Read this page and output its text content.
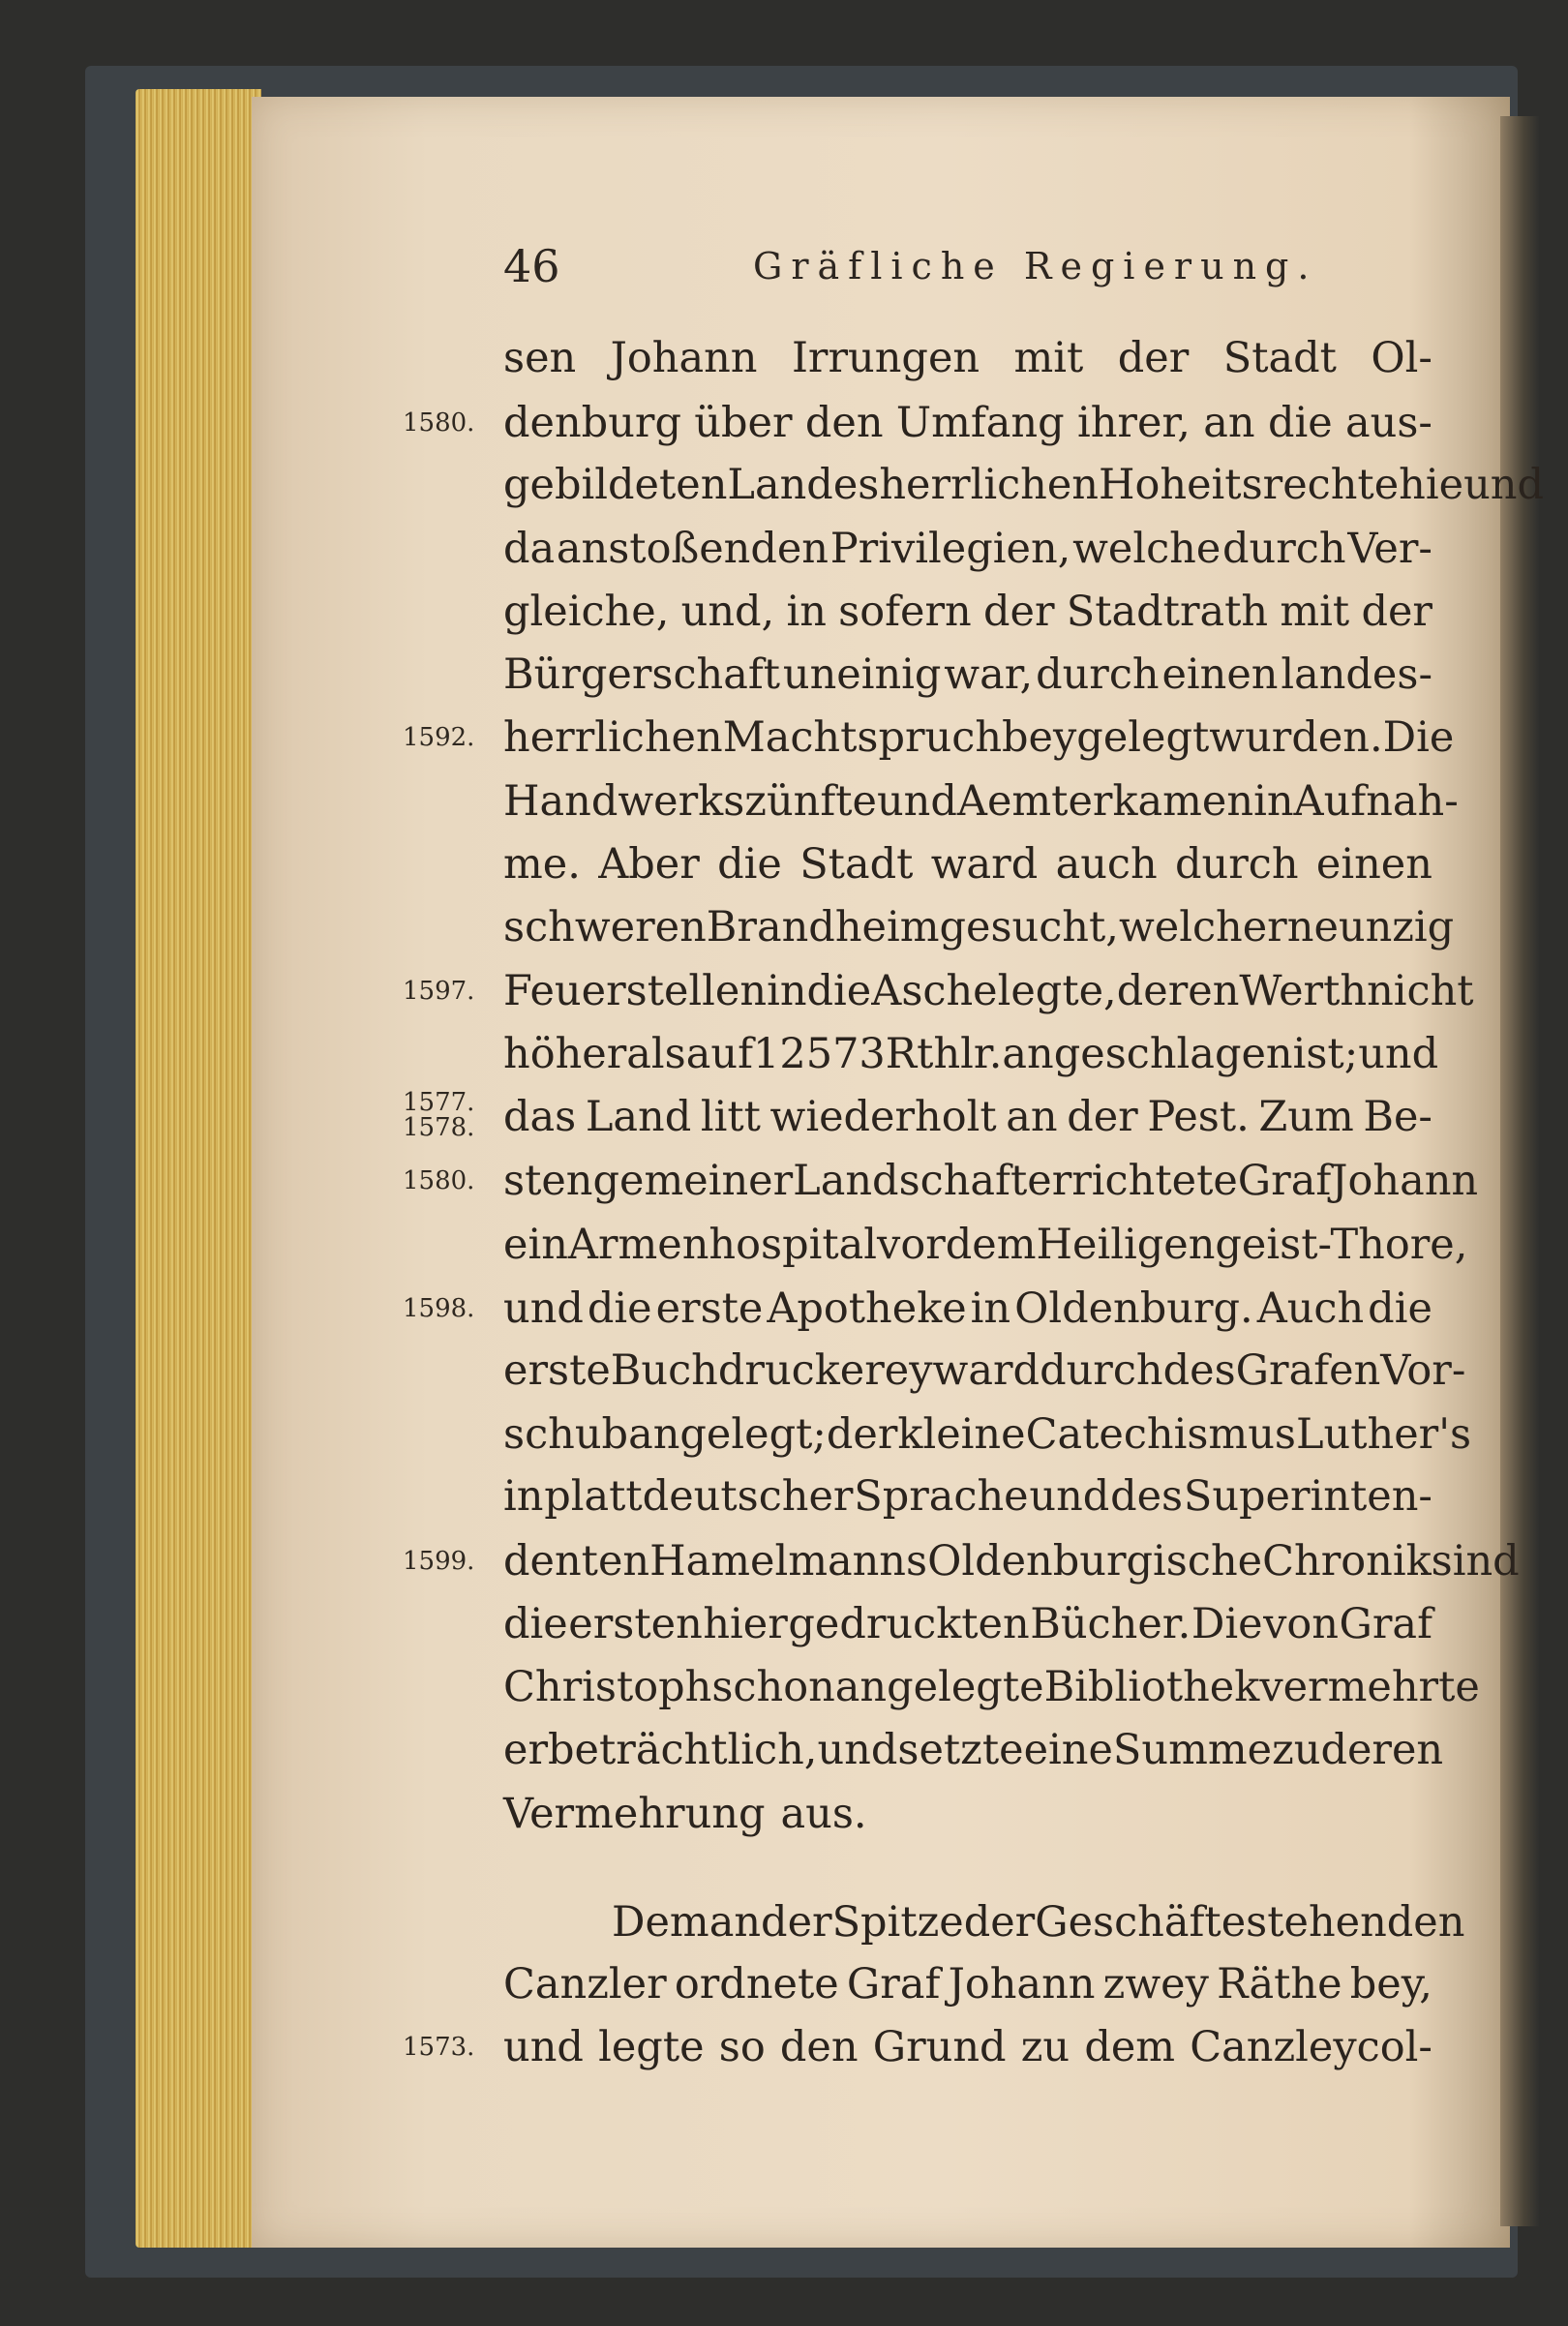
46	Gräfliche Regierung.
sen Johann Irrungen mit der Stadt Ol-
denburg über den Umfang ihrer, an die aus-
1580.
gebildeten Landesherrlichen Hoheitsrechte hie und
da anstoßenden Privilegien, welche durch Ver-
gleiche, und, in sofern der Stadtrath mit der
Bürgerschaft uneinig war, durch einen landes-
herrlichen Machtspruch beygelegt wurden. Die
1592.
Handwerkszünfte und Aemter kamen in Aufnah-
me. Aber die Stadt ward auch durch einen
schweren Brand heimgesucht, welcher neunzig
Feuerstellen in die Asche legte, deren Werth nicht
1597.
höher als auf 12573 Rthlr. angeschlagen ist; und
das Land litt wiederholt an der Pest. Zum Be-
1577.
1578.
sten gemeiner Landschaft errichtete Graf Johann
1580.
ein Armenhospital vor dem Heiligengeist-Thore,
und die erste Apotheke in Oldenburg. Auch die
1598.
erste Buchdruckerey ward durch des Grafen Vor-
schub angelegt; der kleine Catechismus Luther's
in plattdeutscher Sprache und des Superinten-
denten Hamelmanns Oldenburgische Chronik sind
1599.
die ersten hier gedruckten Bücher. Die von Graf
Christoph schon angelegte Bibliothek vermehrte
er beträchtlich, und setzte eine Summe zu deren
Vermehrung aus.
Dem an der Spitze der Geschäfte stehenden
Canzler ordnete Graf Johann zwey Räthe bey,
und legte so den Grund zu dem Canzleycol-
1573.
